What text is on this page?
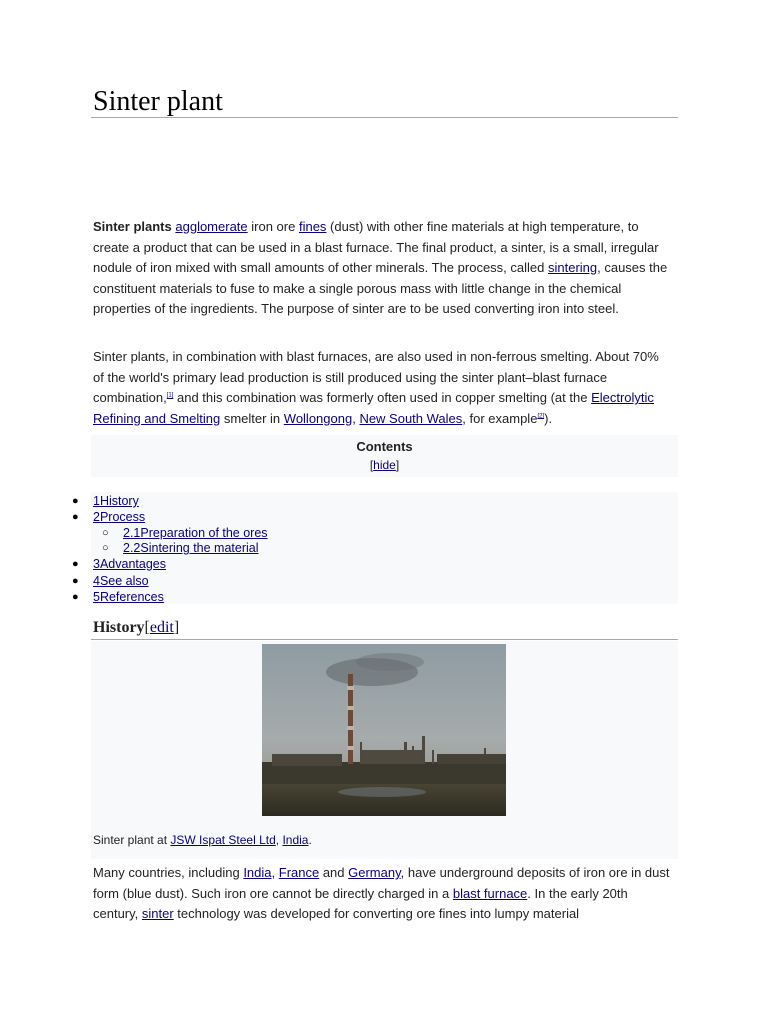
Sinter plant

Sinter plants agglomerate iron ore fines (dust) with other fine materials at high temperature, to create a product that can be used in a blast furnace. The final product, a sinter, is a small, irregular nodule of iron mixed with small amounts of other minerals. The process, called sintering, causes the constituent materials to fuse to make a single porous mass with little change in the chemical properties of the ingredients. The purpose of sinter are to be used converting iron into steel.

Sinter plants, in combination with blast furnaces, are also used in non-ferrous smelting. About 70% of the world's primary lead production is still produced using the sinter plant–blast furnace combination,[1] and this combination was formerly often used in copper smelting (at the Electrolytic Refining and Smelting smelter in Wollongong, New South Wales, for example[2]).

Contents
[hide]
● 1History
● 2Process
○ 2.1Preparation of the ores
○ 2.2Sintering the material
● 3Advantages
● 4See also
● 5References
History[edit]
Sinter plant at JSW Ispat Steel Ltd, India.

Many countries, including India, France and Germany, have underground deposits of iron ore in dust form (blue dust). Such iron ore cannot be directly charged in a blast furnace. In the early 20th century, sinter technology was developed for converting ore fines into lumpy material
